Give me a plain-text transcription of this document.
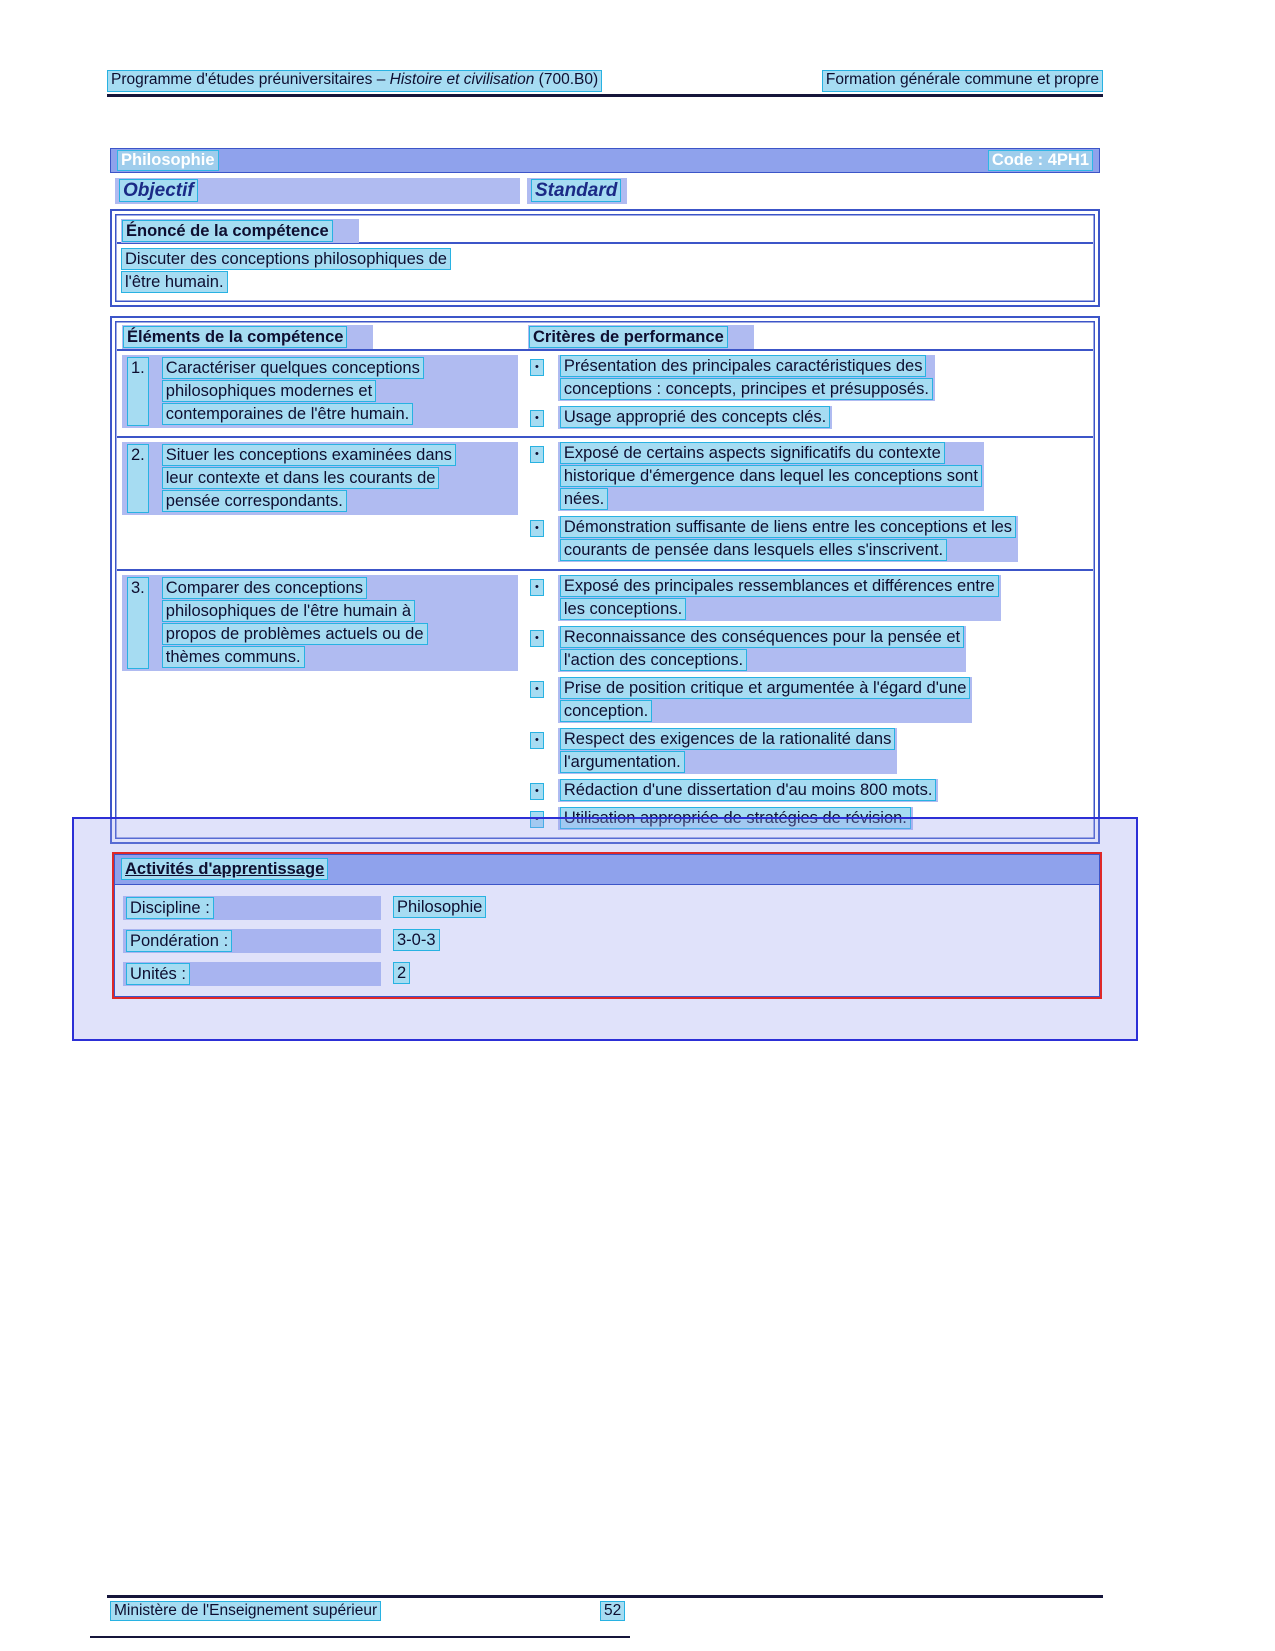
Programme d'études préuniversitaires – Histoire et civilisation (700.B0)	Formation générale commune et propre
Philosophie	Code : 4PH1
Objectif	Standard
Énoncé de la compétence
Discuter des conceptions philosophiques de
l'être humain.
Éléments de la compétence	Critères de performance
1. Caractériser quelques conceptions
philosophiques modernes et
contemporaines de l'être humain.
•	Présentation des principales caractéristiques des
conceptions : concepts, principes et présupposés.
•	Usage approprié des concepts clés.
2. Situer les conceptions examinées dans
leur contexte et dans les courants de
pensée correspondants.
•	Exposé de certains aspects significatifs du contexte
historique d'émergence dans lequel les conceptions sont
nées.
•	Démonstration suffisante de liens entre les conceptions et les
courants de pensée dans lesquels elles s'inscrivent.
3. Comparer des conceptions
philosophiques de l'être humain à
propos de problèmes actuels ou de
thèmes communs.
•	Exposé des principales ressemblances et différences entre
les conceptions.
•	Reconnaissance des conséquences pour la pensée et
l'action des conceptions.
•	Prise de position critique et argumentée à l'égard d'une
conception.
•	Respect des exigences de la rationalité dans
l'argumentation.
•	Rédaction d'une dissertation d'au moins 800 mots.
•	Utilisation appropriée de stratégies de révision.
Activités d'apprentissage
Discipline :	Philosophie
Pondération :	3-0-3
Unités :	2
Ministère de l'Enseignement supérieur	52
